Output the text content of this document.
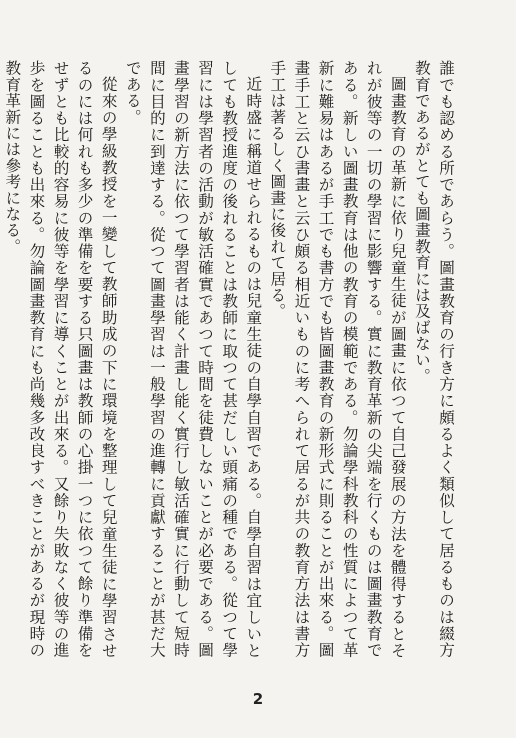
誰でも認める所であらう。圖畫教育の行き方に頗るよく類似して居るものは綴方教育であるがとても圖畫教育には及ばない。

圖畫教育の革新に依り兒童生徒が圖畫に依つて自己發展の方法を體得するとそれが彼等の一切の學習に影響する。實に教育革新の尖端を行くものは圖畫教育である。新しい圖畫教育は他の教育の模範である。勿論學科教科の性質によつて革新に難易はあるが手工でも書方でも皆圖畫教育の新形式に則ることが出來る。圖畫手工と云ひ書畫と云ひ頗る相近いものに考へられて居るが共の教育方法は書方手工は著るしく圖畫に後れて居る。

近時盛に稱道せられるものは兒童生徒の自學自習である。自學自習は宜しいとしても教授進度の後れることは教師に取つて甚だしい頭痛の種である。從つて學習には學習者の活動が敏活確實であつて時間を徒費しないことが必要である。圖畫學習の新方法に依つて學習者は能く計畫し能く實行し敏活確實に行動して短時間に目的に到達する。從つて圖畫學習は一般學習の進轉に貢獻することが甚だ大である。

從來の學級教授を一變して教師助成の下に環境を整理して兒童生徒に學習させるのには何れも多少の準備を要する只圖畫は教師の心掛一つに依つて餘り準備をせずとも比較的容易に彼等を學習に導くことが出來る。又餘り失敗なく彼等の進歩を圖ることも出來る。勿論圖畫教育にも尚幾多改良すべきことがあるが現時の教育革新には參考になる。

2
